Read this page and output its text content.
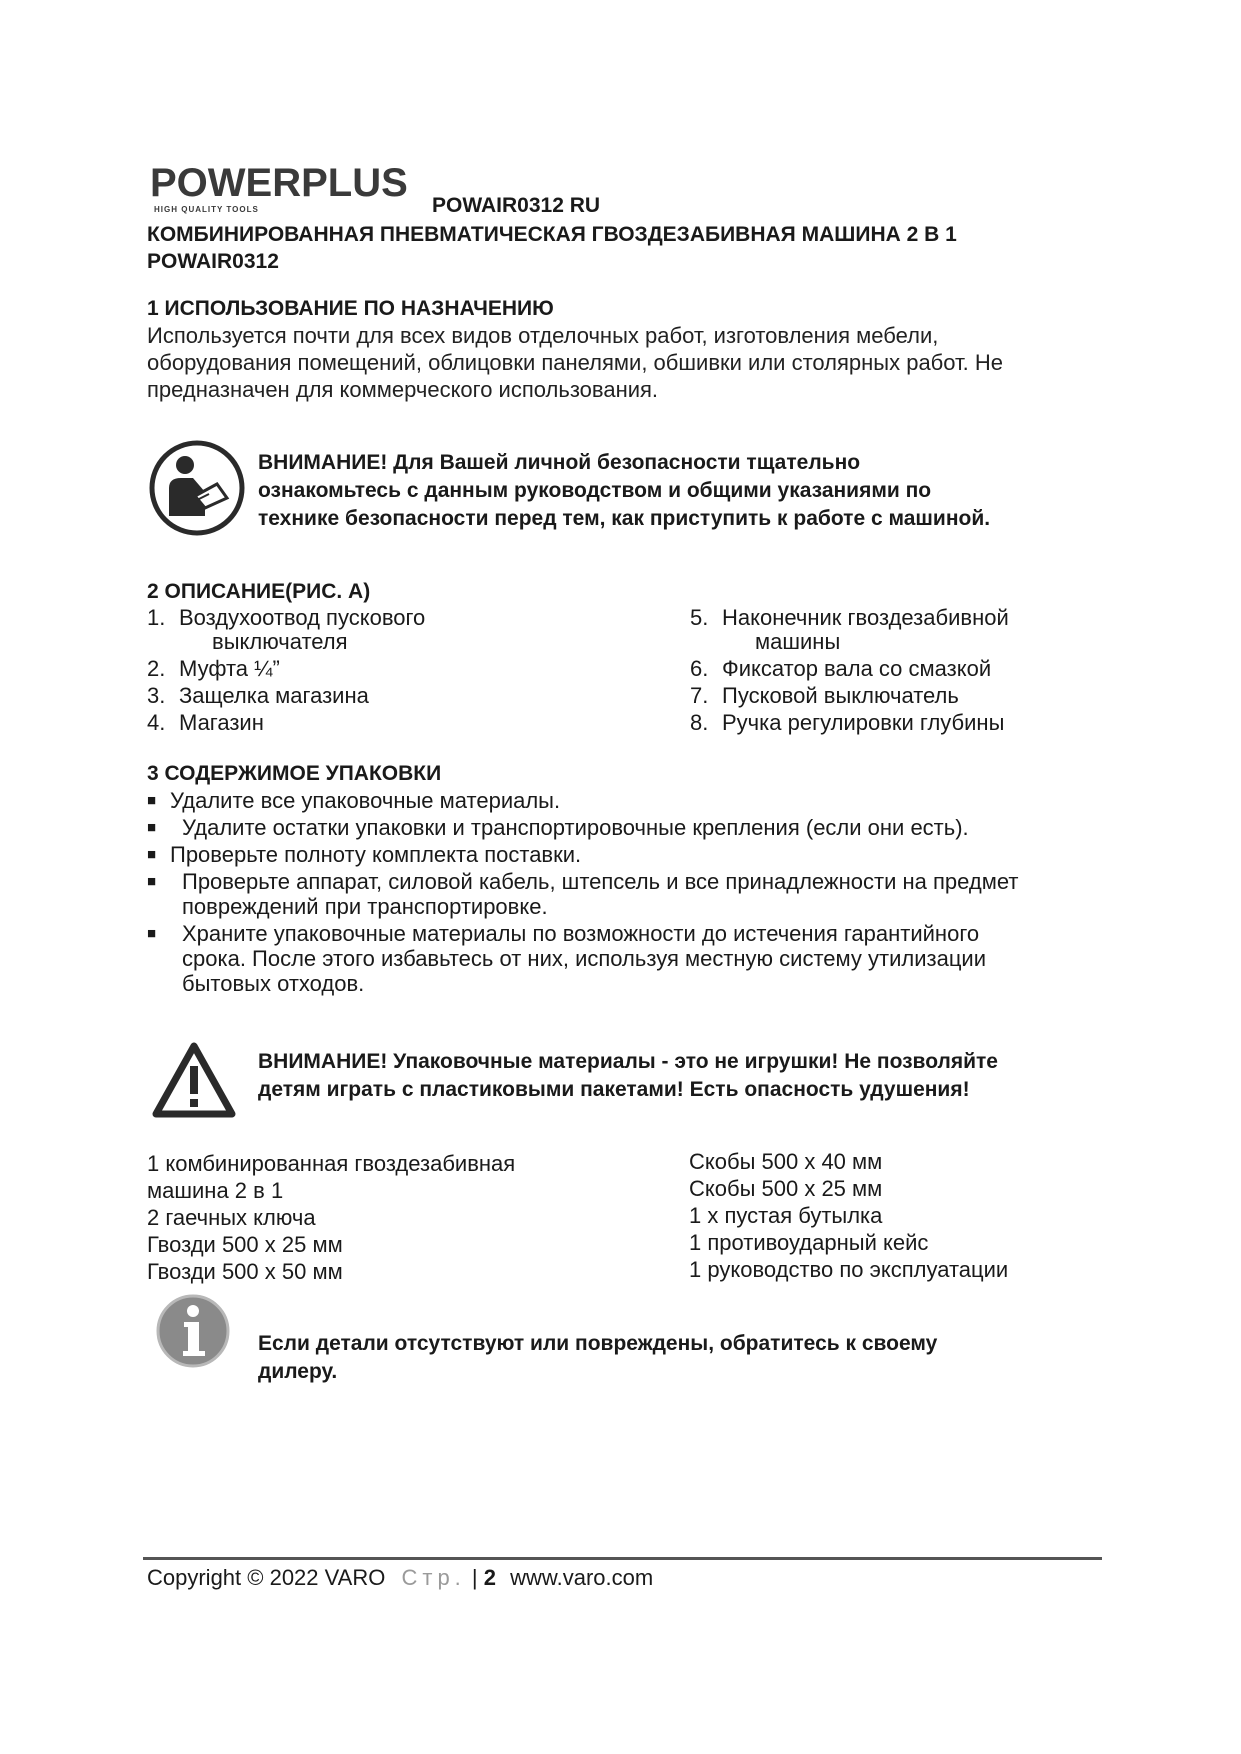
POWERPLUS
HIGH QUALITY TOOLS	POWAIR0312 RU
КОМБИНИРОВАННАЯ ПНЕВМАТИЧЕСКАЯ ГВОЗДЕЗАБИВНАЯ МАШИНА 2 В 1
POWAIR0312
1 ИСПОЛЬЗОВАНИЕ ПО НАЗНАЧЕНИЮ
Используется почти для всех видов отделочных работ, изготовления мебели,
оборудования помещений, облицовки панелями, обшивки или столярных работ. Не
предназначен для коммерческого использования.
ВНИМАНИЕ! Для Вашей личной безопасности тщательно
ознакомьтесь с данным руководством и общими указаниями по
технике безопасности перед тем, как приступить к работе с машиной.
2 ОПИСАНИЕ(РИС. A)
1. Воздухоотвод пускового
выключателя
2. Муфта ¼”
3. Защелка магазина
4. Магазин
5. Наконечник гвоздезабивной
машины
6. Фиксатор вала со смазкой
7. Пусковой выключатель
8. Ручка регулировки глубины
3 СОДЕРЖИМОЕ УПАКОВКИ
■ Удалите все упаковочные материалы.
■ Удалите остатки упаковки и транспортировочные крепления (если они есть).
■ Проверьте полноту комплекта поставки.
■ Проверьте аппарат, силовой кабель, штепсель и все принадлежности на предмет
повреждений при транспортировке.
■ Храните упаковочные материалы по возможности до истечения гарантийного
срока. После этого избавьтесь от них, используя местную систему утилизации
бытовых отходов.
ВНИМАНИЕ! Упаковочные материалы - это не игрушки! Не позволяйте
детям играть с пластиковыми пакетами! Есть опасность удушения!
1 комбинированная гвоздезабивная
машина 2 в 1
2 гаечных ключа
Гвозди 500 x 25 мм
Гвозди 500 x 50 мм
Скобы 500 x 40 мм
Скобы 500 x 25 мм
1 x пустая бутылка
1 противоударный кейс
1 руководство по эксплуатации
Если детали отсутствуют или повреждены, обратитесь к своему
дилеру.
Copyright © 2022 VARO Стр. | 2 www.varo.com
